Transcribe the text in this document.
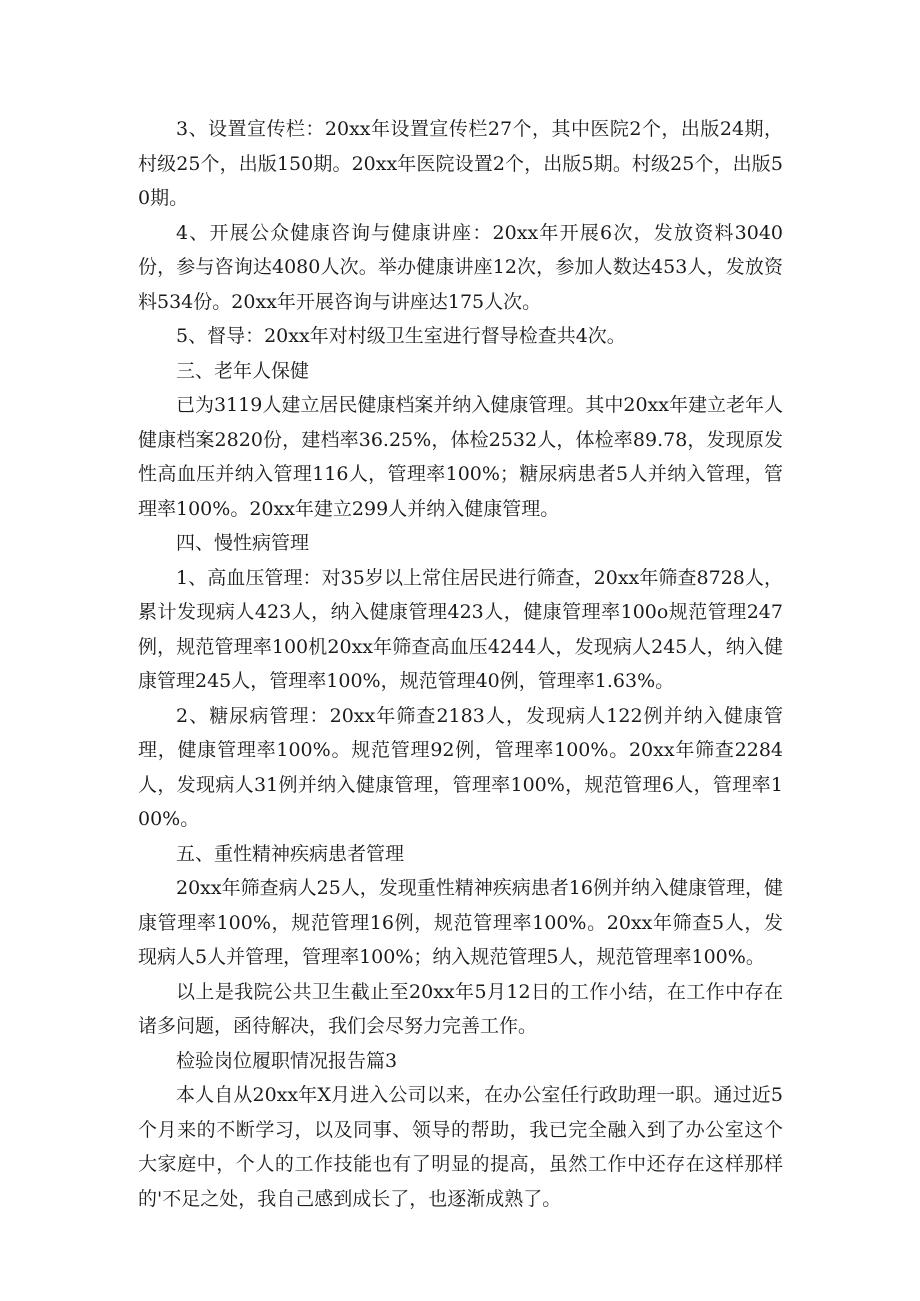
3、设置宣传栏：20xx年设置宣传栏27个，其中医院2个，出版24期，村级25个，出版150期。20xx年医院设置2个，出版5期。村级25个，出版50期。

4、开展公众健康咨询与健康讲座：20xx年开展6次，发放资料3040份，参与咨询达4080人次。举办健康讲座12次，参加人数达453人，发放资料534份。20xx年开展咨询与讲座达175人次。

5、督导：20xx年对村级卫生室进行督导检查共4次。

三、老年人保健

已为3119人建立居民健康档案并纳入健康管理。其中20xx年建立老年人健康档案2820份，建档率36.25%，体检2532人，体检率89.78，发现原发性高血压并纳入管理116人，管理率100%；糖尿病患者5人并纳入管理，管理率100%。20xx年建立299人并纳入健康管理。

四、慢性病管理

1、高血压管理：对35岁以上常住居民进行筛查，20xx年筛查8728人，累计发现病人423人，纳入健康管理423人，健康管理率100o规范管理247例，规范管理率100机20xx年筛查高血压4244人，发现病人245人，纳入健康管理245人，管理率100%，规范管理40例，管理率1.63%。

2、糖尿病管理：20xx年筛查2183人，发现病人122例并纳入健康管理，健康管理率100%。规范管理92例，管理率100%。20xx年筛查2284人，发现病人31例并纳入健康管理，管理率100%，规范管理6人，管理率100%。

五、重性精神疾病患者管理

20xx年筛查病人25人，发现重性精神疾病患者16例并纳入健康管理，健康管理率100%，规范管理16例，规范管理率100%。20xx年筛查5人，发现病人5人并管理，管理率100%；纳入规范管理5人，规范管理率100%。

以上是我院公共卫生截止至20xx年5月12日的工作小结，在工作中存在诸多问题，函待解决，我们会尽努力完善工作。

检验岗位履职情况报告篇3

本人自从20xx年X月进入公司以来，在办公室任行政助理一职。通过近5个月来的不断学习，以及同事、领导的帮助，我已完全融入到了办公室这个大家庭中，个人的工作技能也有了明显的提高，虽然工作中还存在这样那样的'不足之处，我自己感到成长了，也逐渐成熟了。
